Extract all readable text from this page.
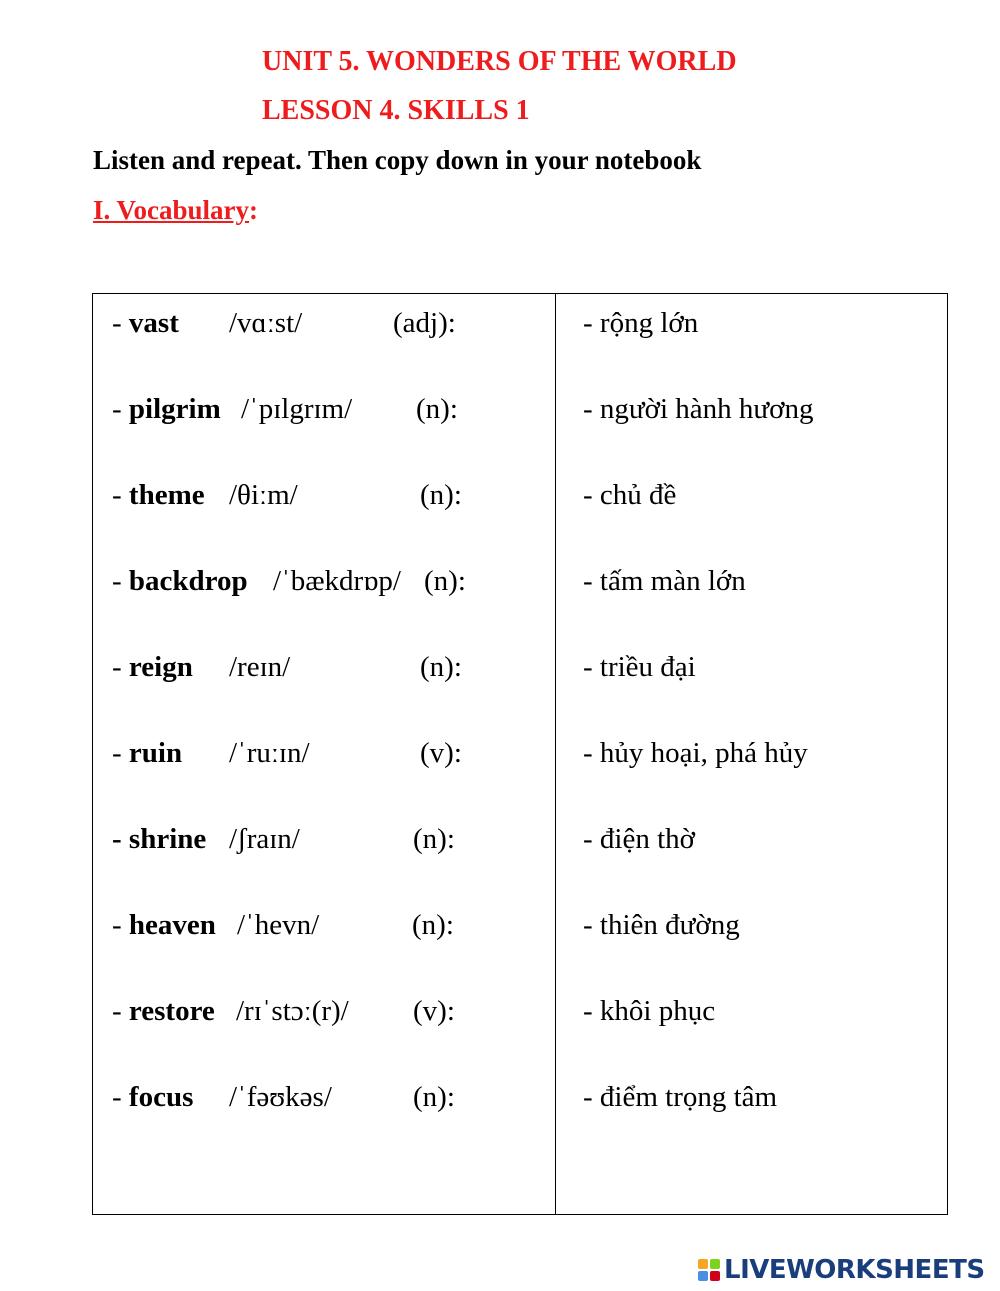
UNIT 5. WONDERS OF THE WORLD
LESSON 4. SKILLS 1
Listen and repeat. Then copy down in your notebook
I. Vocabulary:
- vast /vɑːst/	(adj):	- rộng lớn
- pilgrim /ˈpɪlgrɪm/ (n):	- người hành hương
- theme /θiːm/	(n):	- chủ đề
- backdrop /ˈbækdrɒp/ (n):	- tấm màn lớn
- reign /reɪn/	(n):	- triều đại
- ruin /ˈruːɪn/	(v):	- hủy hoại, phá hủy
- shrine /ʃraɪn/	(n):	- điện thờ
- heaven /ˈhevn/	(n):	- thiên đường
- restore /rɪˈstɔː(r)/ (v):	- khôi phục
- focus /ˈfəʊkəs/	(n):	- điểm trọng tâm
LIVEWORKSHEETS
